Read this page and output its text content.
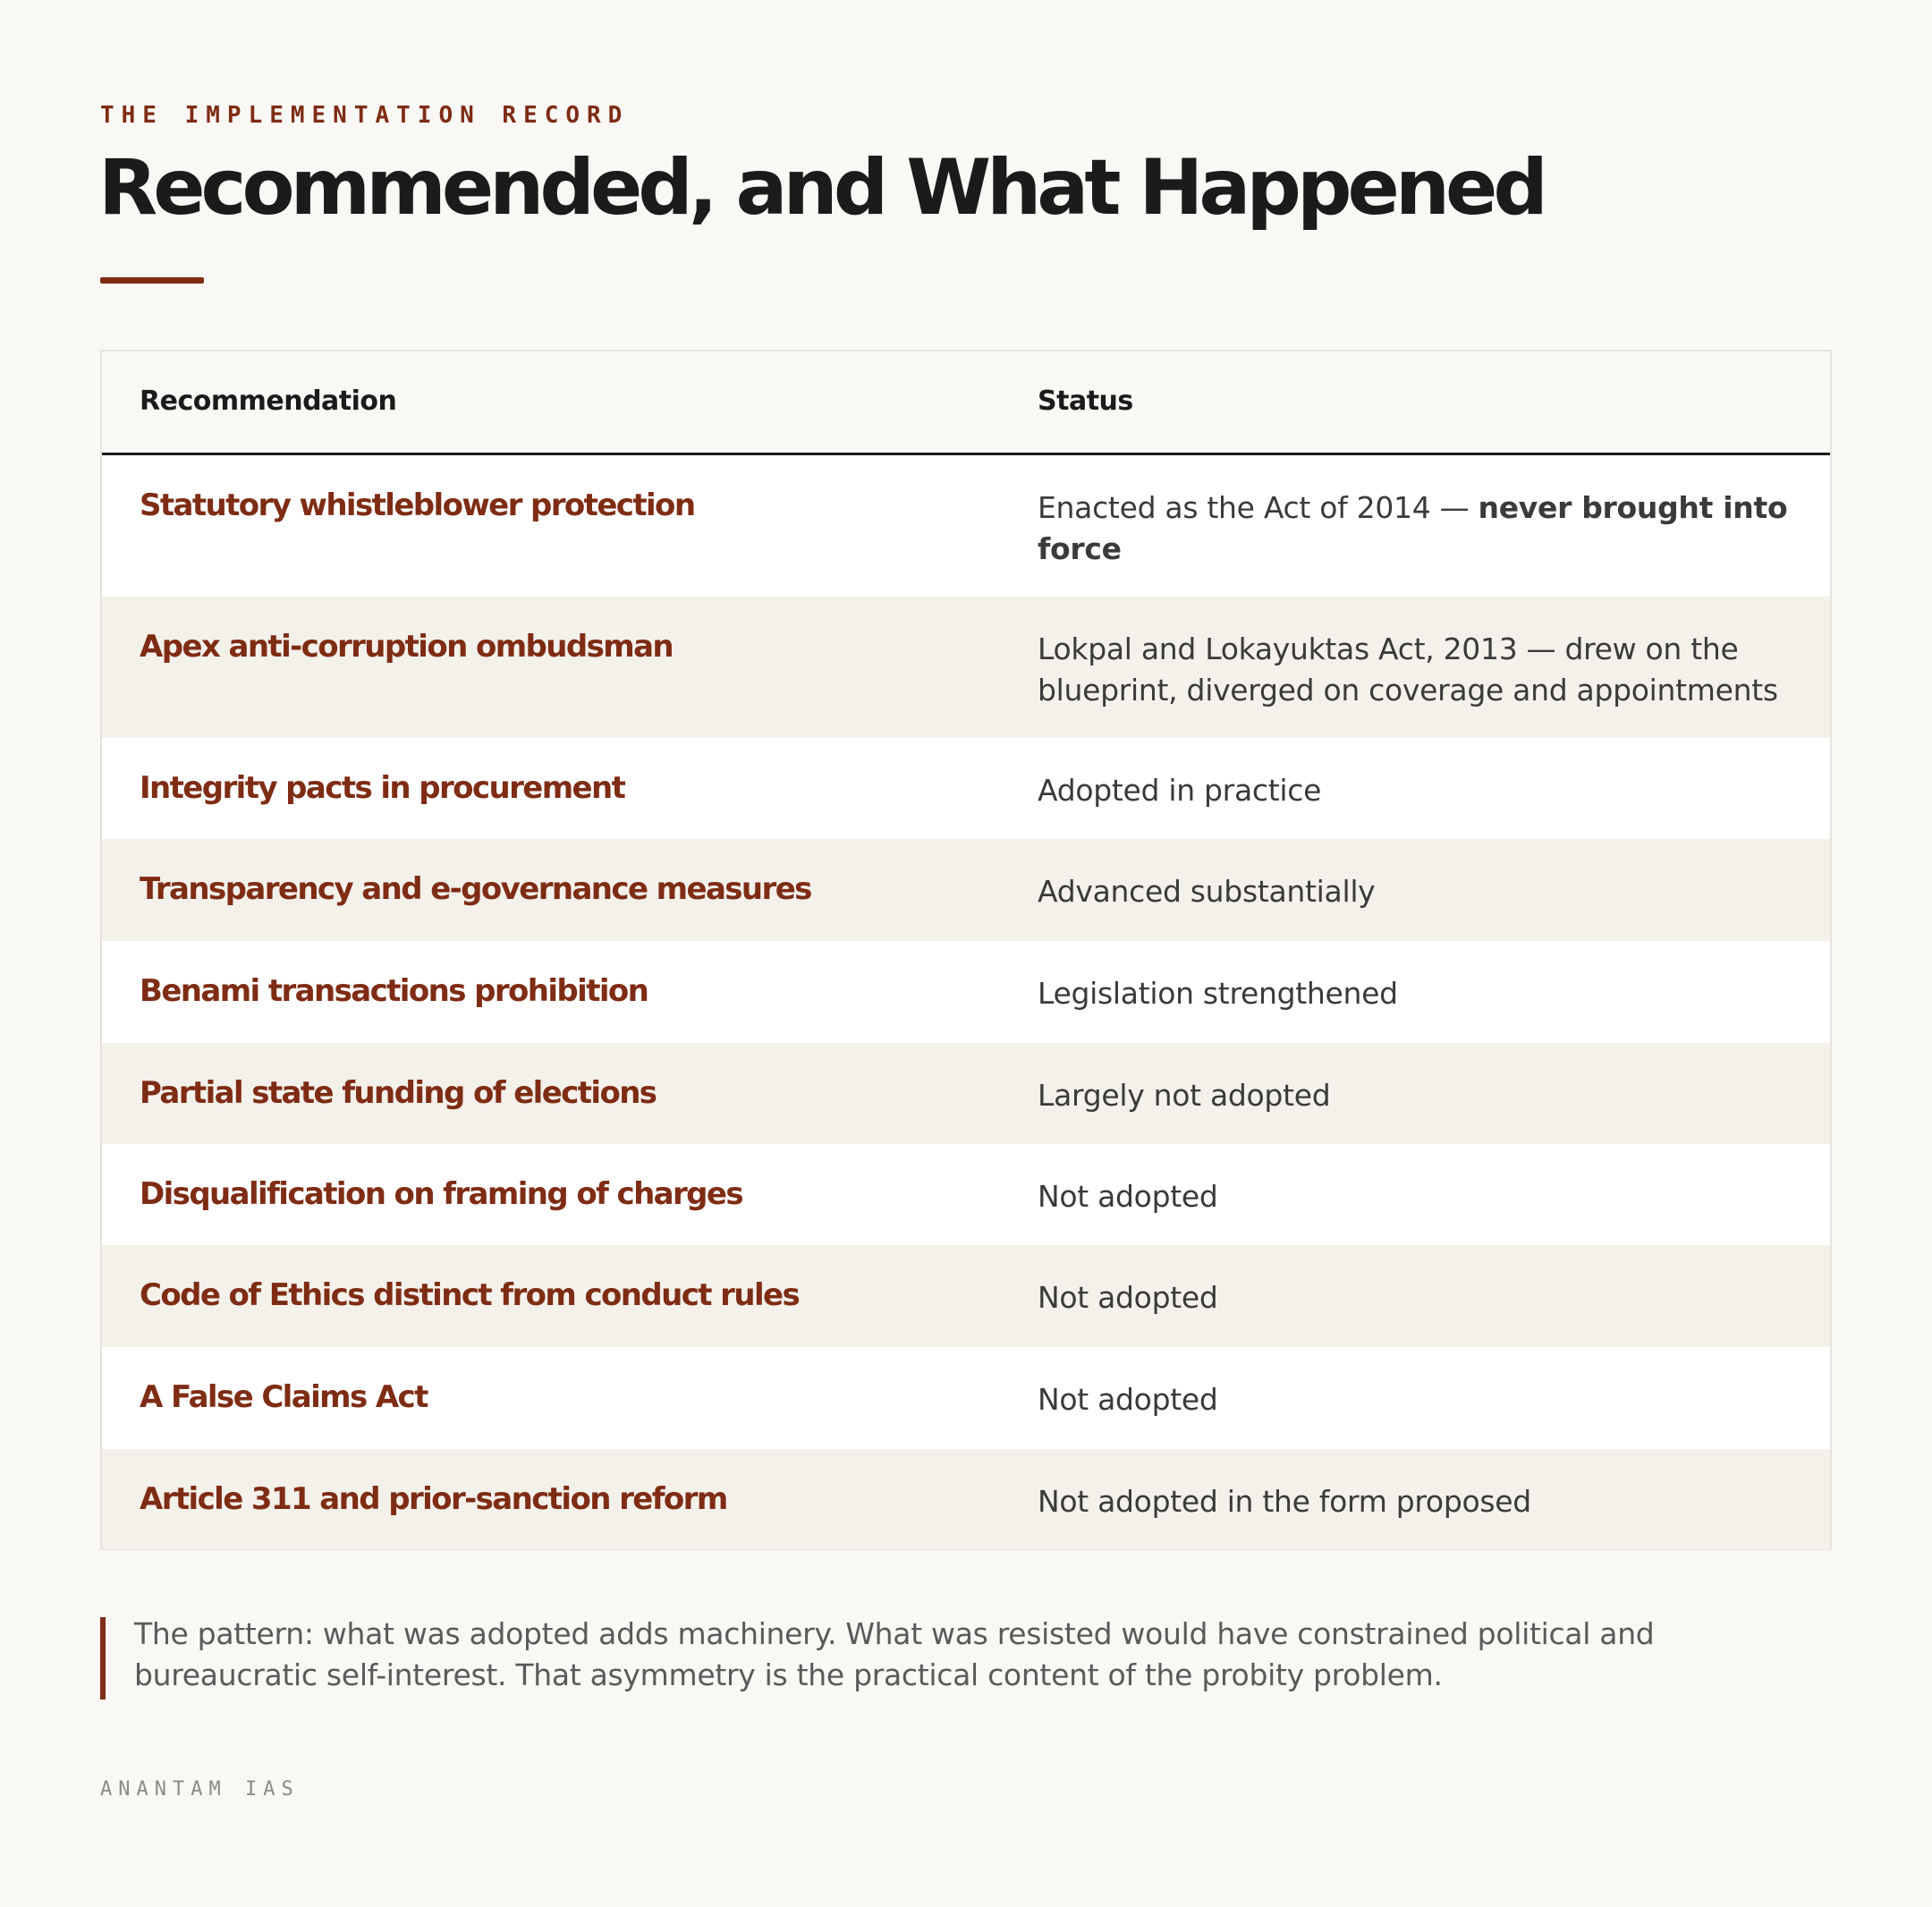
THE IMPLEMENTATION RECORD
Recommended, and What Happened
Recommendation	Status
Statutory whistleblower protection	Enacted as the Act of 2014 — never brought into force
Apex anti-corruption ombudsman	Lokpal and Lokayuktas Act, 2013 — drew on the blueprint, diverged on coverage and appointments
Integrity pacts in procurement	Adopted in practice
Transparency and e-governance measures	Advanced substantially
Benami transactions prohibition	Legislation strengthened
Partial state funding of elections	Largely not adopted
Disqualification on framing of charges	Not adopted
Code of Ethics distinct from conduct rules	Not adopted
A False Claims Act	Not adopted
Article 311 and prior-sanction reform	Not adopted in the form proposed
The pattern: what was adopted adds machinery. What was resisted would have constrained political and bureaucratic self-interest. That asymmetry is the practical content of the probity problem.
ANANTAM IAS
